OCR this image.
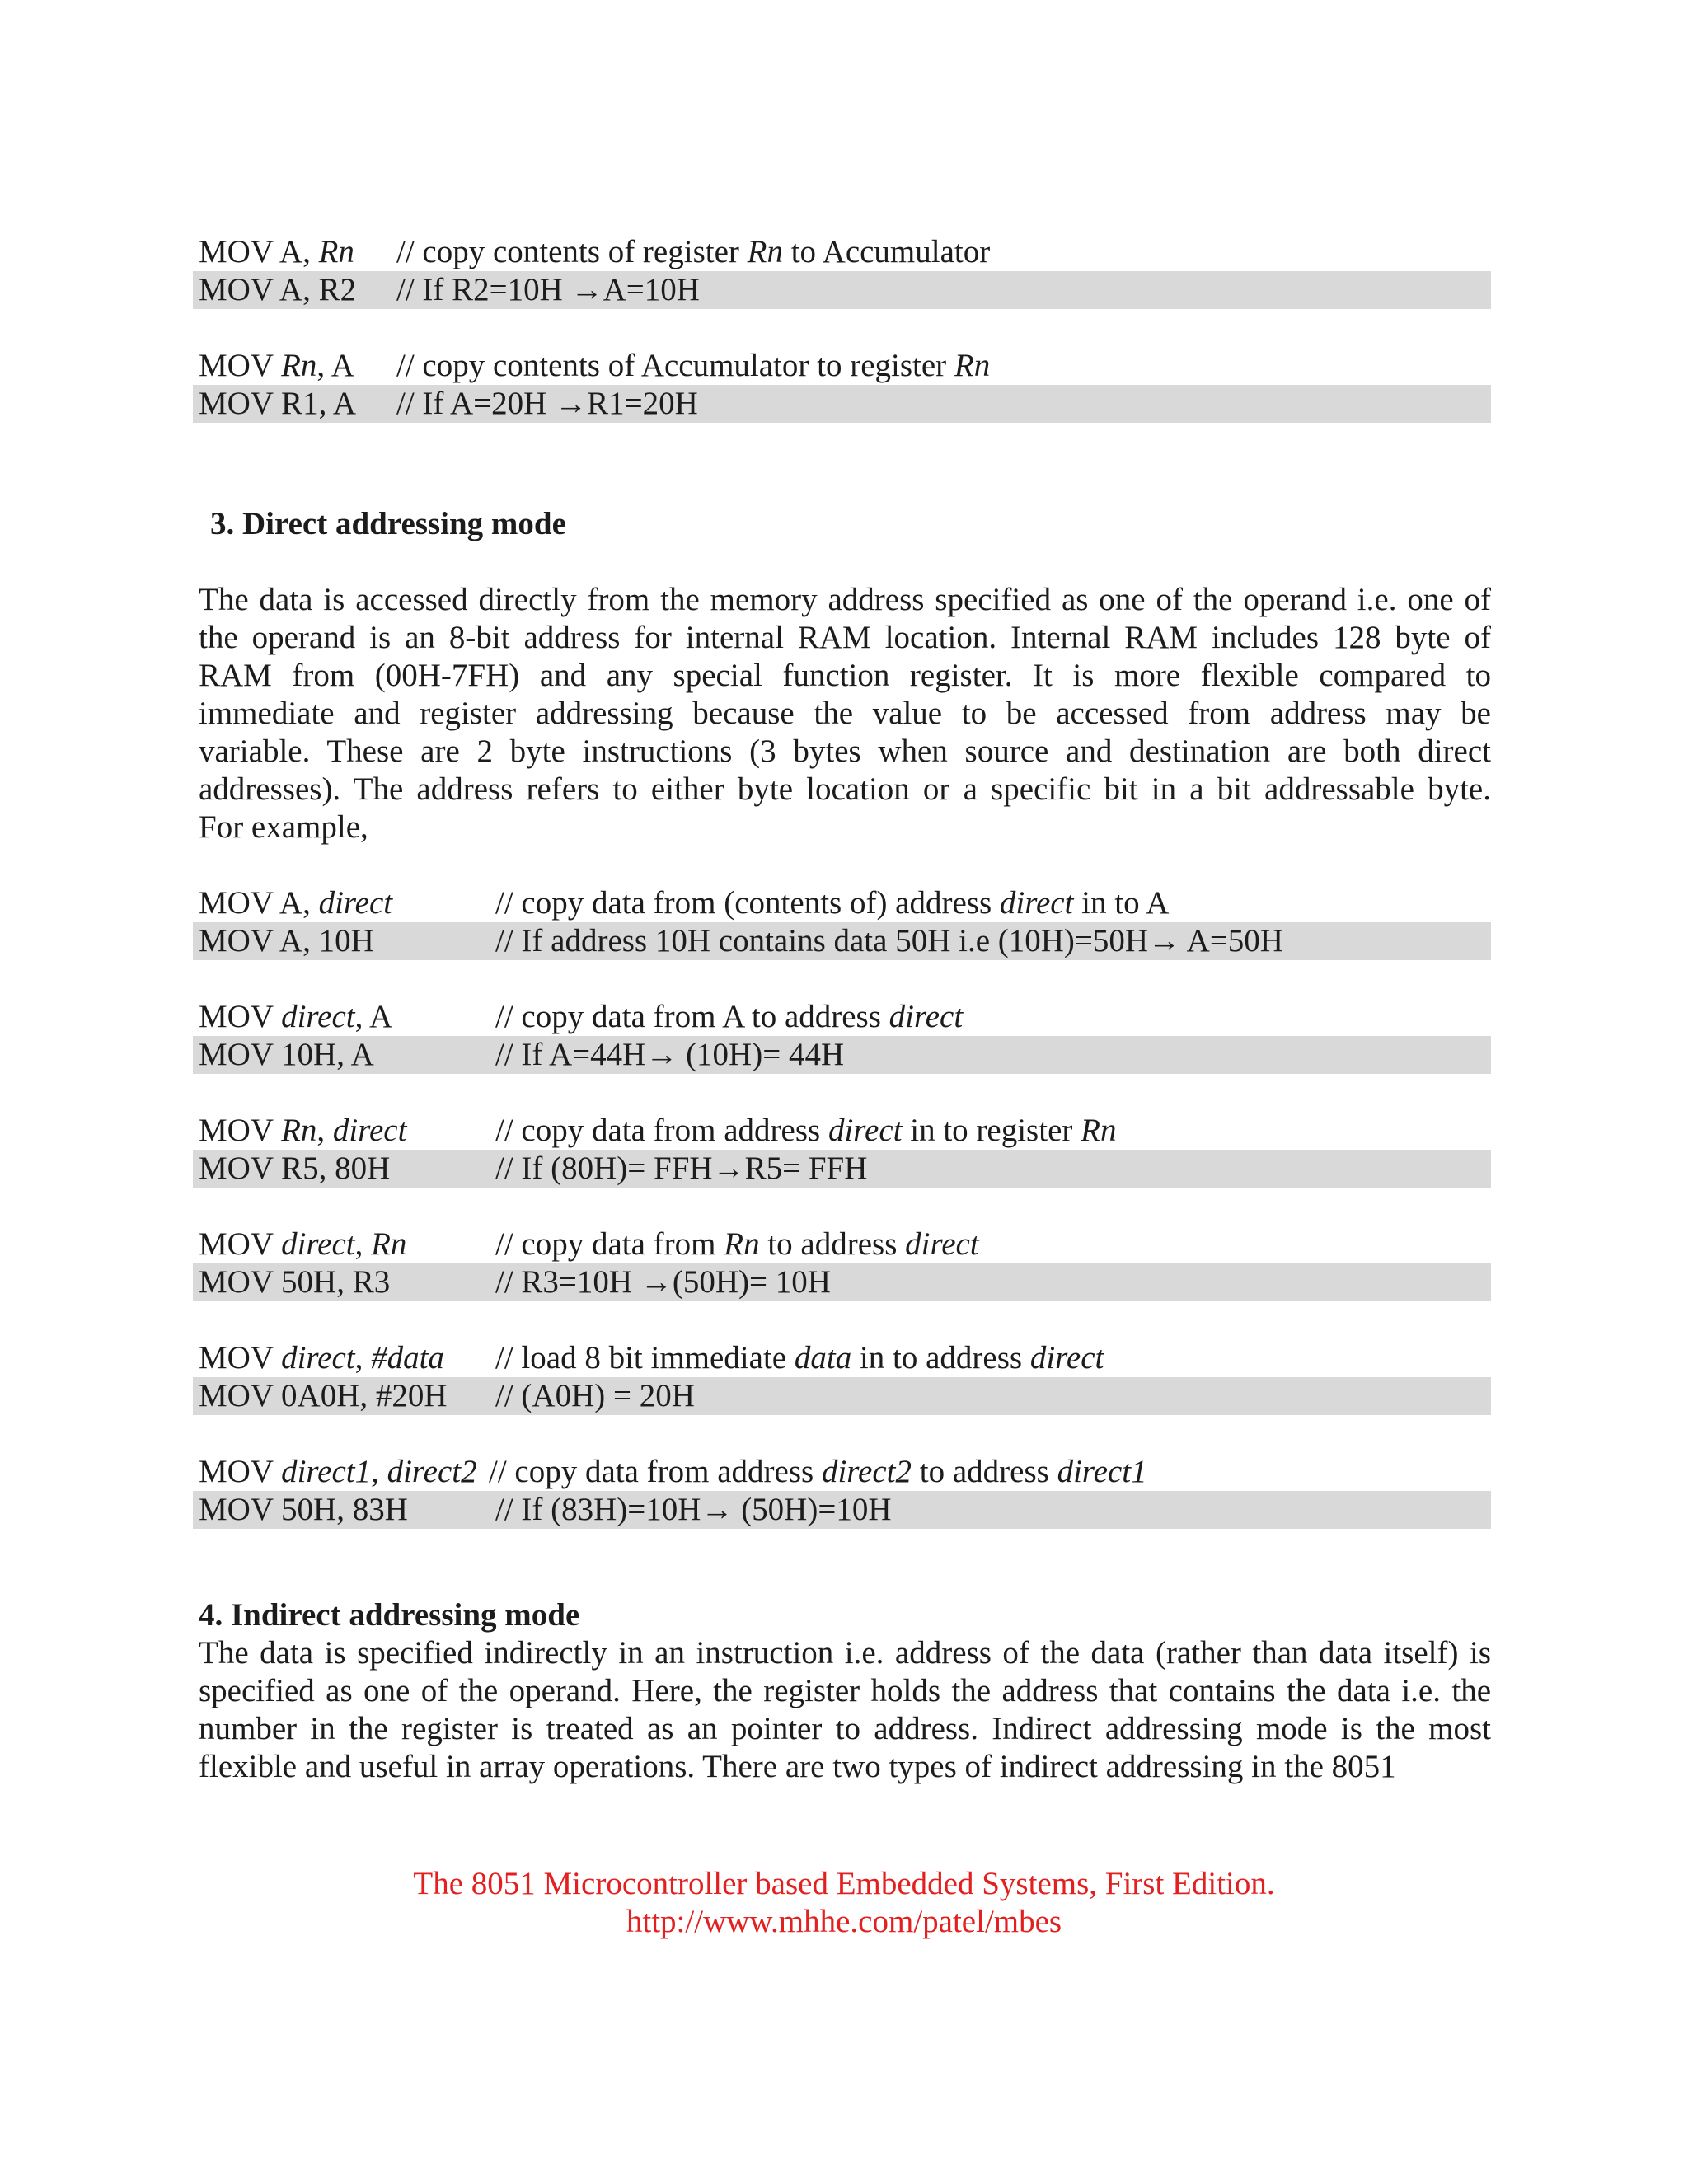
MOV A, Rn // copy contents of register Rn to Accumulator
MOV A, R2 // If R2=10H →A=10H
MOV Rn, A // copy contents of Accumulator to register Rn
MOV R1, A // If A=20H →R1=20H
3. Direct addressing mode
The data is accessed directly from the memory address specified as one of the operand i.e. one of
the operand is an 8-bit address for internal RAM location. Internal RAM includes 128 byte of
RAM from (00H-7FH) and any special function register. It is more flexible compared to
immediate and register addressing because the value to be accessed from address may be
variable. These are 2 byte instructions (3 bytes when source and destination are both direct
addresses). The address refers to either byte location or a specific bit in a bit addressable byte.
For example,
MOV A, direct	// copy data from (contents of) address direct in to A
MOV A, 10H	// If address 10H contains data 50H i.e (10H)=50H→ A=50H
MOV direct, A	// copy data from A to address direct
MOV 10H, A	// If A=44H→ (10H)= 44H
MOV Rn, direct	// copy data from address direct in to register Rn
MOV R5, 80H	// If (80H)= FFH→R5= FFH
MOV direct, Rn	// copy data from Rn to address direct
MOV 50H, R3	// R3=10H →(50H)= 10H
MOV direct, #data // load 8 bit immediate data in to address direct
MOV 0A0H, #20H // (A0H) = 20H
MOV direct1, direct2 // copy data from address direct2 to address direct1
MOV 50H, 83H	// If (83H)=10H→ (50H)=10H
4. Indirect addressing mode
The data is specified indirectly in an instruction i.e. address of the data (rather than data itself) is
specified as one of the operand. Here, the register holds the address that contains the data i.e. the
number in the register is treated as an pointer to address. Indirect addressing mode is the most
flexible and useful in array operations. There are two types of indirect addressing in the 8051
The 8051 Microcontroller based Embedded Systems, First Edition.
http://www.mhhe.com/patel/mbes
